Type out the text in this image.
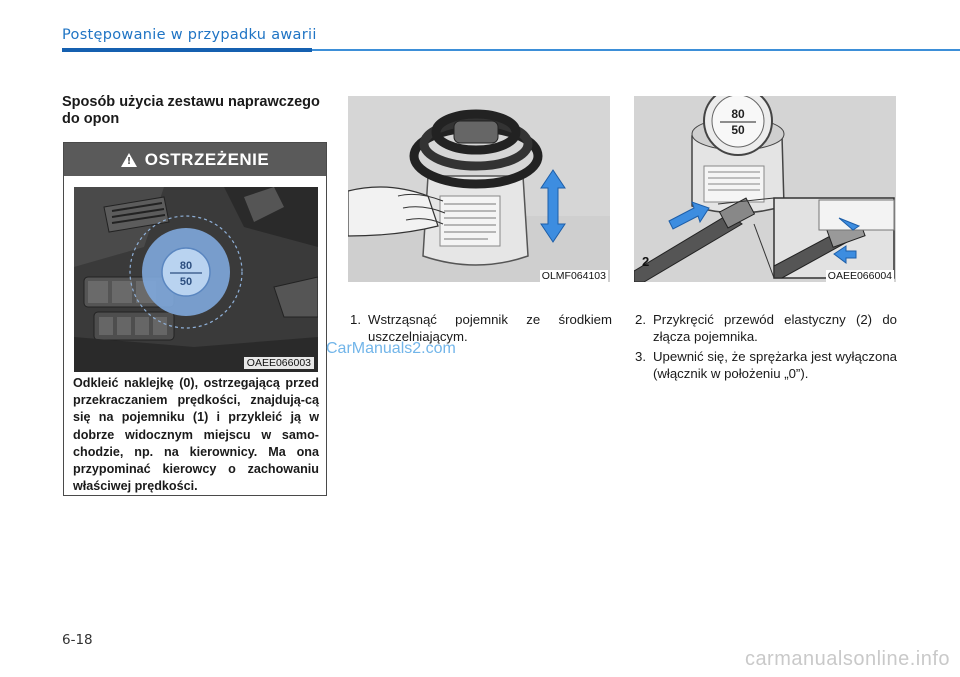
Postępowanie w przypadku awarii
Sposób użycia zestawu naprawczego do opon
! OSTRZEŻENIE
80
50
OAEE066003
Odkleić naklejkę (0), ostrzegającą przed przekraczaniem prędkości, znajdują-cą się na pojemniku (1) i przykleić ją w dobrze widocznym miejscu w samo-chodzie, np. na kierownicy. Ma ona przypominać kierowcy o zachowaniu właściwej prędkości.
OLMF064103
80
50
2
OAEE066004
1. Wstrząsnąć pojemnik ze środkiem uszczelniającym.
2. Przykręcić przewód elastyczny (2) do złącza pojemnika.
3. Upewnić się, że sprężarka jest wyłączona (włącznik w położeniu „0”).
CarManuals2.com
6-18
carmanualsonline.info
